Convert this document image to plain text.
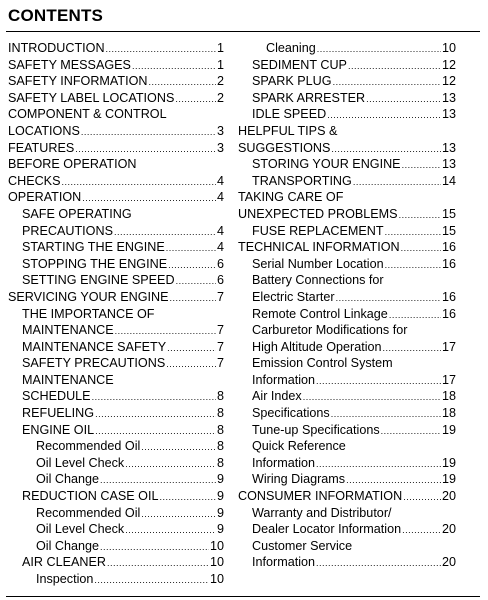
CONTENTS
INTRODUCTION .....	1
SAFETY MESSAGES .....	1
SAFETY INFORMATION .....	2
SAFETY LABEL LOCATIONS .....	2
COMPONENT & CONTROL
LOCATIONS .....	3
FEATURES .....	3
BEFORE OPERATION
CHECKS .....	4
OPERATION .....	4
SAFE OPERATING
PRECAUTIONS .....	4
STARTING THE ENGINE .....	4
STOPPING THE ENGINE .....	6
SETTING ENGINE SPEED .....	6
SERVICING YOUR ENGINE .....	7
THE IMPORTANCE OF
MAINTENANCE .....	7
MAINTENANCE SAFETY .....	7
SAFETY PRECAUTIONS .....	7
MAINTENANCE
SCHEDULE .....	8
REFUELING .....	8
ENGINE OIL .....	8
Recommended Oil .....	8
Oil Level Check .....	8
Oil Change .....	9
REDUCTION CASE OIL .....	9
Recommended Oil .....	9
Oil Level Check .....	9
Oil Change .....	10
AIR CLEANER .....	10
Inspection .....	10
Cleaning .....	10
SEDIMENT CUP .....	12
SPARK PLUG .....	12
SPARK ARRESTER .....	13
IDLE SPEED .....	13
HELPFUL TIPS &
SUGGESTIONS .....	13
STORING YOUR ENGINE .....	13
TRANSPORTING .....	14
TAKING CARE OF
UNEXPECTED PROBLEMS .....	15
FUSE REPLACEMENT .....	15
TECHNICAL INFORMATION .....	16
Serial Number Location .....	16
Battery Connections for
Electric Starter .....	16
Remote Control Linkage .....	16
Carburetor Modifications for
High Altitude Operation .....	17
Emission Control System
Information .....	17
Air Index .....	18
Specifications .....	18
Tune-up Specifications .....	19
Quick Reference
Information .....	19
Wiring Diagrams .....	19
CONSUMER INFORMATION .....	20
Warranty and Distributor/
Dealer Locator Information .....	20
Customer Service
Information .....	20
